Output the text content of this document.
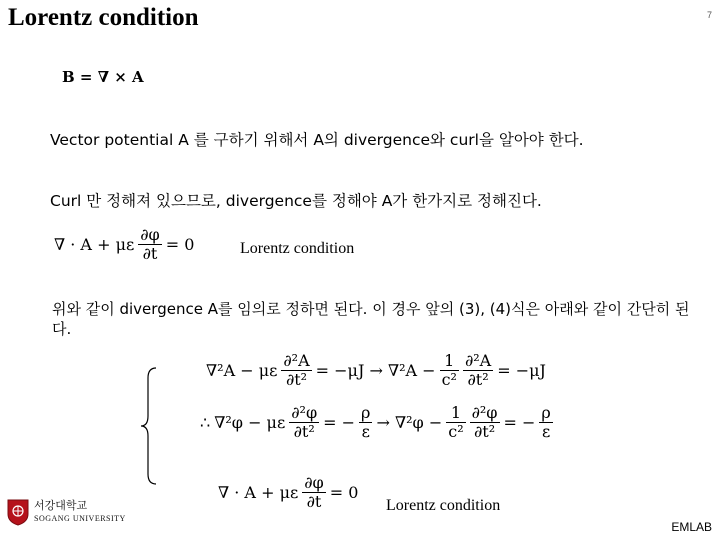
Lorentz condition	7
B = ∇ × A
Vector potential A 를 구하기 위해서 A의 divergence와 curl을 알아야 한다.
Curl 만 정해져 있으므로, divergence를 정해야 A가 한가지로 정해진다.
∇ · A + με $\frac{\partial\varphi}{\partial t} = 0$	Lorentz condition
위와 같이 divergence A를 임의로 정하면 된다. 이 경우 앞의 (3), (4)식은 아래와 같이 간단히 된다.
∇²A − με $\frac{\text{∂²A}}{\text{∂t²}} = -\mu J \to \nabla^2A - \frac{1}{\text{c²}} \frac{\text{∂²A}}{\text{∂t²}} = -\mu J$
∴ ∇²φ − με $\frac{\text{∂²φ}}{\text{∂t²}}$ = − $\frac{\rho}{\varepsilon} \to \nabla^2\varphi - \frac{1}{\text{c²}} \frac{\text{∂²φ}}{\text{∂t²}}$ = − $\frac{\rho}{\varepsilon}$
∇ · A + με $\frac{\partial\varphi}{\partial t} = 0$
Lorentz condition
서강대학교
SOGANG UNIVERSITY
EMLAB
